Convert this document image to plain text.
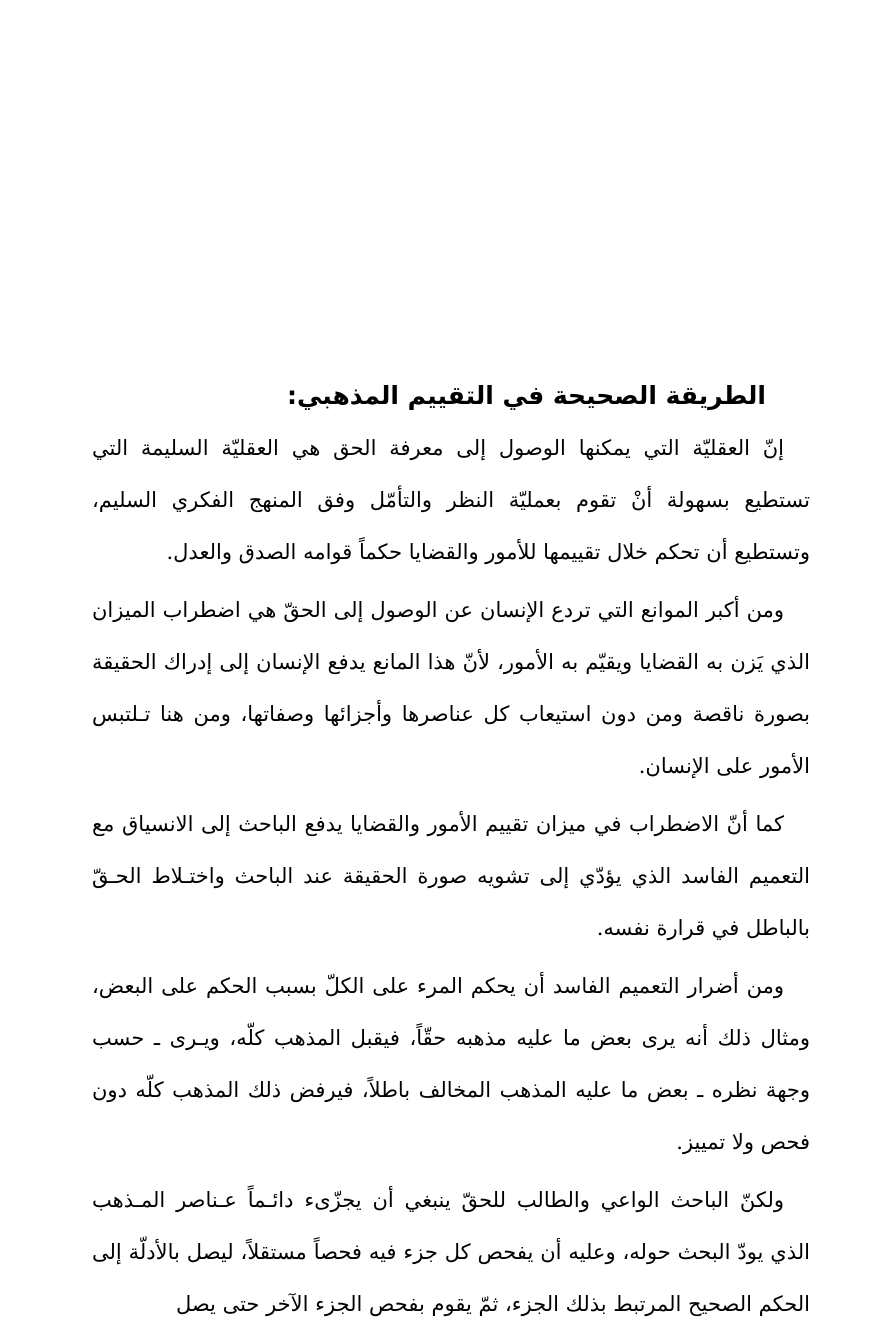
الطريقة الصحيحة في التقييم المذهبي:

إنّ العقليّة التي يمكنها الوصول إلى معرفة الحق هي العقليّة السليمة التي تستطيع بسهولة أنْ تقوم بعمليّة النظر والتأمّل وفق المنهج الفكري السليم، وتستطيع أن تحكم خلال تقييمها للأمور والقضايا حكماً قوامه الصدق والعدل.

ومن أكبر الموانع التي تردع الإنسان عن الوصول إلى الحقّ هي اضطراب الميزان الذي يَزن به القضايا ويقيّم به الأمور، لأنّ هذا المانع يدفع الإنسان إلى إدراك الحقيقة بصورة ناقصة ومن دون استيعاب كل عناصرها وأجزائها وصفاتها، ومن هنا تـلتبس الأمور على الإنسان.

كما أنّ الاضطراب في ميزان تقييم الأمور والقضايا يدفع الباحث إلى الانسياق مع التعميم الفاسد الذي يؤدّي إلى تشويه صورة الحقيقة عند الباحث واختـلاط الحـقّ بالباطل في قرارة نفسه.

ومن أضرار التعميم الفاسد أن يحكم المرء على الكلّ بسبب الحكم على البعض، ومثال ذلك أنه يرى بعض ما عليه مذهبه حقّاً، فيقبل المذهب كلّه، ويـرى ـ حسب وجهة نظره ـ بعض ما عليه المذهب المخالف باطلاً، فيرفض ذلك المذهب كلّه دون فحص ولا تمييز.

ولكنّ الباحث الواعي والطالب للحقّ ينبغي أن يجزّىء دائـماً عـناصر المـذهب الذي يودّ البحث حوله، وعليه أن يفحص كل جزء فيه فحصاً مستقلاً، ليصل بالأدلّة إلى الحكم الصحيح المرتبط بذلك الجزء، ثمّ يقوم بفحص الجزء الآخر حتى يصل
